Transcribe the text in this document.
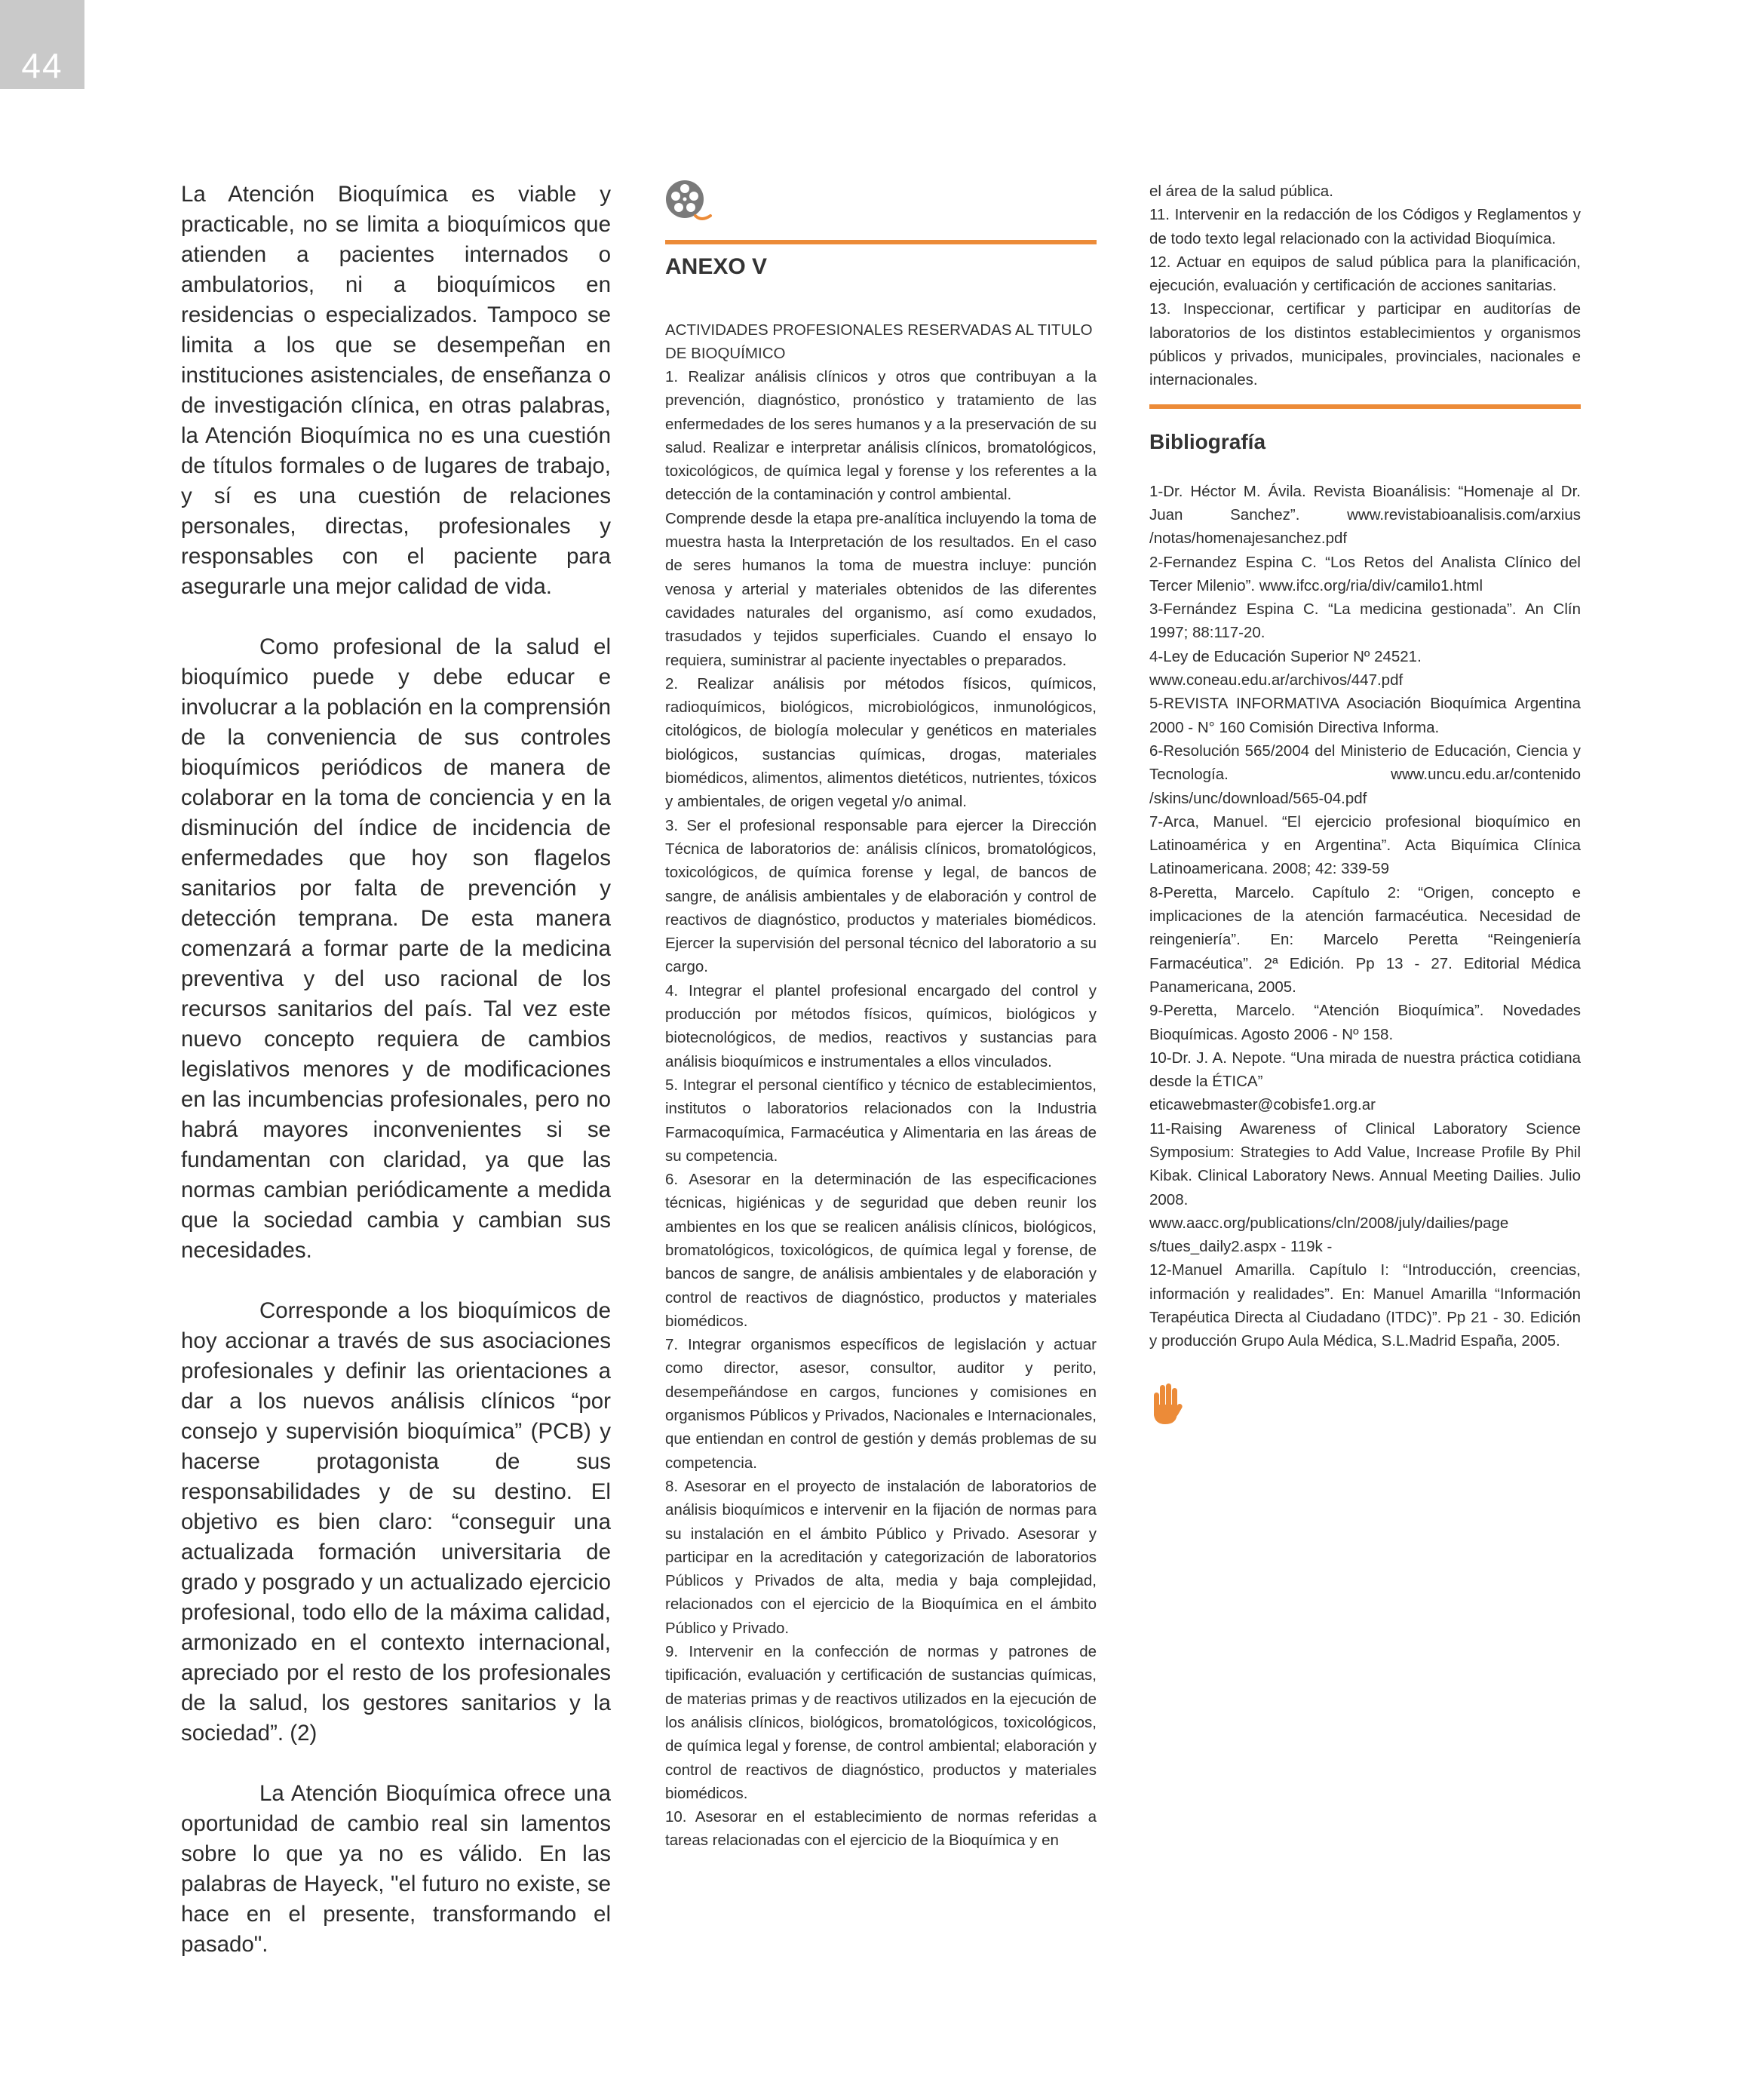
44

La Atención Bioquímica es viable y practicable, no se limita a bioquímicos que atienden a pacientes internados o ambulatorios, ni a bioquímicos en residencias o especializados. Tampoco se limita a los que se desempeñan en instituciones asistenciales, de enseñanza o de investigación clínica, en otras palabras, la Atención Bioquímica no es una cuestión de títulos formales o de lugares de trabajo, y sí es una cuestión de relaciones personales, directas, profesionales y responsables con el paciente para asegurarle una mejor calidad de vida.

Como profesional de la salud el bioquímico puede y debe educar e involucrar a la población en la comprensión de la conveniencia de sus controles bioquímicos periódicos de manera de colaborar en la toma de conciencia y en la disminución del índice de incidencia de enfermedades que hoy son flagelos sanitarios por falta de prevención y detección temprana. De esta manera comenzará a formar parte de la medicina preventiva y del uso racional de los recursos sanitarios del país. Tal vez este nuevo concepto requiera de cambios legislativos menores y de modificaciones en las incumbencias profesionales, pero no habrá mayores inconvenientes si se fundamentan con claridad, ya que las normas cambian periódicamente a medida que la sociedad cambia y cambian sus necesidades.

Corresponde a los bioquímicos de hoy accionar a través de sus asociaciones profesionales y definir las orientaciones a dar a los nuevos análisis clínicos “por consejo y supervisión bioquímica” (PCB) y hacerse protagonista de sus responsabilidades y de su destino. El objetivo es bien claro: “conseguir una actualizada formación universitaria de grado y posgrado y un actualizado ejercicio profesional, todo ello de la máxima calidad, armonizado en el contexto internacional, apreciado por el resto de los profesionales de la salud, los gestores sanitarios y la sociedad”. (2)

La Atención Bioquímica ofrece una oportunidad de cambio real sin lamentos sobre lo que ya no es válido. En las palabras de Hayeck, "el futuro no existe, se hace en el presente, transformando el pasado".

ANEXO V

ACTIVIDADES PROFESIONALES RESERVADAS AL TITULO DE BIOQUÍMICO

1. Realizar análisis clínicos y otros que contribuyan a la prevención, diagnóstico, pronóstico y tratamiento de las enfermedades de los seres humanos y a la preservación de su salud. Realizar e interpretar análisis clínicos, bromatológicos, toxicológicos, de química legal y forense y los referentes a la detección de la contaminación y control ambiental.

Comprende desde la etapa pre-analítica incluyendo la toma de muestra hasta la Interpretación de los resultados. En el caso de seres humanos la toma de muestra incluye: punción venosa y arterial y materiales obtenidos de las diferentes cavidades naturales del organismo, así como exudados, trasudados y tejidos superficiales. Cuando el ensayo lo requiera, suministrar al paciente inyectables o preparados.

2. Realizar análisis por métodos físicos, químicos, radioquímicos, biológicos, microbiológicos, inmunológicos, citológicos, de biología molecular y genéticos en materiales biológicos, sustancias químicas, drogas, materiales biomédicos, alimentos, alimentos dietéticos, nutrientes, tóxicos y ambientales, de origen vegetal y/o animal.

3. Ser el profesional responsable para ejercer la Dirección Técnica de laboratorios de: análisis clínicos, bromatológicos, toxicológicos, de química forense y legal, de bancos de sangre, de análisis ambientales y de elaboración y control de reactivos de diagnóstico, productos y materiales biomédicos. Ejercer la supervisión del personal técnico del laboratorio a su cargo.

4. Integrar el plantel profesional encargado del control y producción por métodos físicos, químicos, biológicos y biotecnológicos, de medios, reactivos y sustancias para análisis bioquímicos e instrumentales a ellos vinculados.

5. Integrar el personal científico y técnico de establecimientos, institutos o laboratorios relacionados con la Industria Farmacoquímica, Farmacéutica y Alimentaria en las áreas de su competencia.

6. Asesorar en la determinación de las especificaciones técnicas, higiénicas y de seguridad que deben reunir los ambientes en los que se realicen análisis clínicos, biológicos, bromatológicos, toxicológicos, de química legal y forense, de bancos de sangre, de análisis ambientales y de elaboración y control de reactivos de diagnóstico, productos y materiales biomédicos.

7. Integrar organismos específicos de legislación y actuar como director, asesor, consultor, auditor y perito, desempeñándose en cargos, funciones y comisiones en organismos Públicos y Privados, Nacionales e Internacionales, que entiendan en control de gestión y demás problemas de su competencia.

8. Asesorar en el proyecto de instalación de laboratorios de análisis bioquímicos e intervenir en la fijación de normas para su instalación en el ámbito Público y Privado. Asesorar y participar en la acreditación y categorización de laboratorios Públicos y Privados de alta, media y baja complejidad, relacionados con el ejercicio de la Bioquímica en el ámbito Público y Privado.

9. Intervenir en la confección de normas y patrones de tipificación, evaluación y certificación de sustancias químicas, de materias primas y de reactivos utilizados en la ejecución de los análisis clínicos, biológicos, bromatológicos, toxicológicos, de química legal y forense, de control ambiental; elaboración y control de reactivos de diagnóstico, productos y materiales biomédicos.

10. Asesorar en el establecimiento de normas referidas a tareas relacionadas con el ejercicio de la Bioquímica y en

el área de la salud pública.

11. Intervenir en la redacción de los Códigos y Reglamentos y de todo texto legal relacionado con la actividad Bioquímica.

12. Actuar en equipos de salud pública para la planificación, ejecución, evaluación y certificación de acciones sanitarias.

13. Inspeccionar, certificar y participar en auditorías de laboratorios de los distintos establecimientos y organismos públicos y privados, municipales, provinciales, nacionales e internacionales.

Bibliografía

1-Dr. Héctor M. Ávila. Revista Bioanálisis: “Homenaje al Dr. Juan Sanchez”. www.revistabioanalisis.com/arxius /notas/homenajesanchez.pdf

2-Fernandez Espina C. “Los Retos del Analista Clínico del Tercer Milenio”. www.ifcc.org/ria/div/camilo1.html

3-Fernández Espina C. “La medicina gestionada”. An Clín 1997; 88:117-20.

4-Ley de Educación Superior Nº 24521.

www.coneau.edu.ar/archivos/447.pdf

5-REVISTA INFORMATIVA Asociación Bioquímica Argentina 2000 - N° 160 Comisión Directiva Informa.

6-Resolución 565/2004 del Ministerio de Educación, Ciencia y Tecnología. www.uncu.edu.ar/contenido /skins/unc/download/565-04.pdf

7-Arca, Manuel. “El ejercicio profesional bioquímico en Latinoamérica y en Argentina”. Acta Biquímica Clínica Latinoamericana. 2008; 42: 339-59

8-Peretta, Marcelo. Capítulo 2: “Origen, concepto e implicaciones de la atención farmacéutica. Necesidad de reingeniería”. En: Marcelo Peretta “Reingeniería Farmacéutica”. 2ª Edición. Pp 13 - 27. Editorial Médica Panamericana, 2005.

9-Peretta, Marcelo. “Atención Bioquímica”. Novedades Bioquímicas. Agosto 2006 - Nº 158.

10-Dr. J. A. Nepote. “Una mirada de nuestra práctica cotidiana desde la ÉTICA”

eticawebmaster@cobisfe1.org.ar

11-Raising Awareness of Clinical Laboratory Science Symposium: Strategies to Add Value, Increase Profile By Phil Kibak. Clinical Laboratory News. Annual Meeting Dailies. Julio 2008.

www.aacc.org/publications/cln/2008/july/dailies/page s/tues_daily2.aspx - 119k -

12-Manuel Amarilla. Capítulo I: “Introducción, creencias, información y realidades”. En: Manuel Amarilla “Información Terapéutica Directa al Ciudadano (ITDC)”. Pp 21 - 30. Edición y producción Grupo Aula Médica, S.L.Madrid España, 2005.
